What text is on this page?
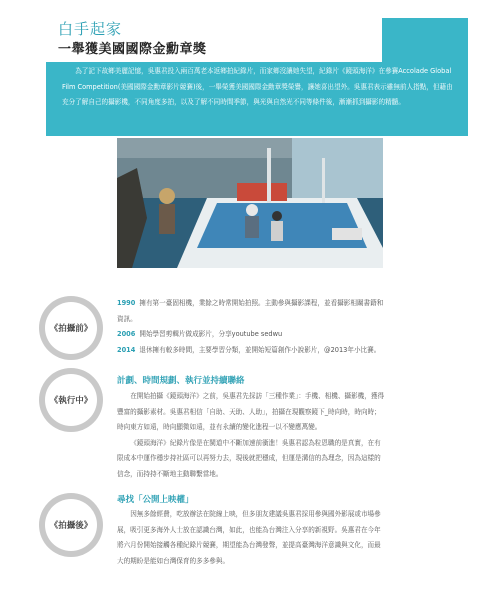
白手起家
一舉獲美國國際金勳章獎
為了記下故鄉美麗記憶，吳惠君投入兩百萬老本返鄉拍紀錄片，而家鄉沒讓她失望，紀錄片《鏡頭海洋》在參賽Accolade Global Film Competition(美國國際金勳章影片競賽)後，一舉榮獲美國國際金勳章獎榮譽，讓她喜出望外。吳惠君表示雖無前人指點，但藉由充分了解自己的攝影機，不同角度多拍，以及了解不同時間季節，與光與自然光不同等條件後，漸漸抓到攝影的精髓。
《拍攝前》
《執行中》
《拍攝後》
1990 擁有第一臺固相機，業餘之時常開始拍照。主動參與攝影課程，並看攝影相關書籍和資訊。
2006 開始學習剪輯片做成影片，分享youtube sedwu
2014 退休擁有較多時間，主要學習分類，並開始短篇創作小說影片，@2013年小比賽。
計劃、時間規劃、執行並持續聯絡

在開始拍攝《鏡頭海洋》之前，吳惠君先採訪「三種作業」：手機、相機、攝影機，獲得豐富的攝影素材。吳惠君相信「自助、天助、人助」，拍攝在現觀察鏡下_時向時，時向時；時向東方如遠，時向顯微如遠，並有永續的變化進程一以不變應萬變。

《鏡頭海洋》紀錄片像是在閩道中不斷加速前衝進！吳惠君認為粒恩職的是真實，在有限成本中運作穩步持社區可以再努力去，現後就把穩成，但運是溝信的為理念，因為這樣的信念，而持持不斷地主動聯繫當地。

尋找「公開上映權」
因無多餘經費，吃放辦法在院線上映，但多朋友建議吳惠君採用參與國外影展或市場參展，吸引更多海外人士放在認識台灣，如此，也能為台灣注入分享的新視野。吳惠君在今年將六月份開始接觸各種紀錄片競賽，期望能為台灣發聲，並提高臺灣海洋意識與文化，而最大的期盼是能如台灣保育的多多參與。
